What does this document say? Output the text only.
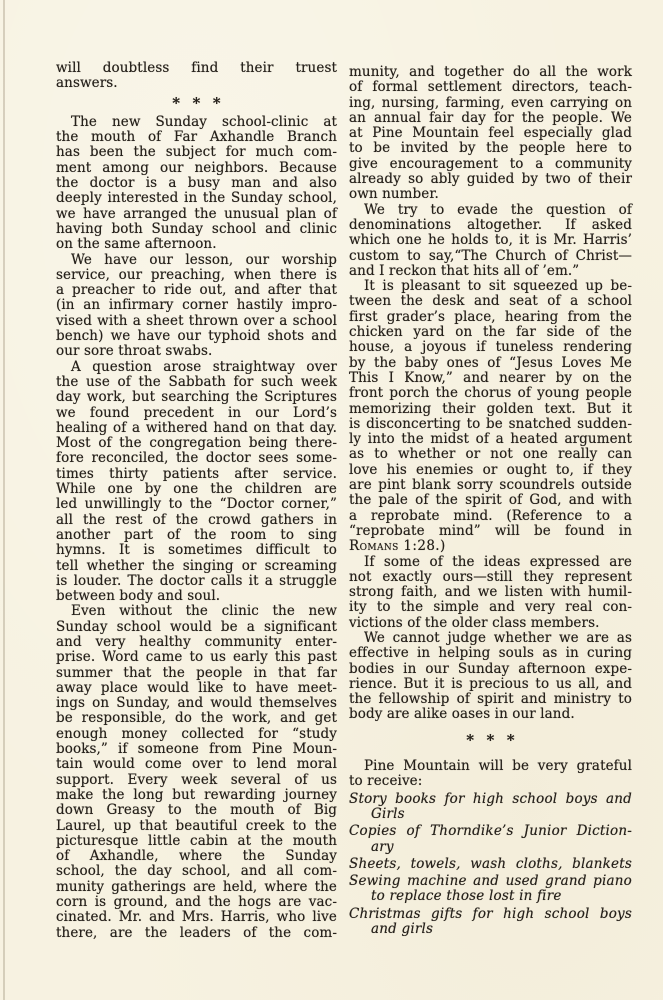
will doubtless find their truest
answers.
* * *
The new Sunday school-clinic at
the mouth of Far Axhandle Branch
has been the subject for much com-
ment among our neighbors. Because
the doctor is a busy man and also
deeply interested in the Sunday school,
we have arranged the unusual plan of
having both Sunday school and clinic
on the same afternoon.
We have our lesson, our worship
service, our preaching, when there is
a preacher to ride out, and after that
(in an infirmary corner hastily impro-
vised with a sheet thrown over a school
bench) we have our typhoid shots and
our sore throat swabs.
A question arose straightway over
the use of the Sabbath for such week
day work, but searching the Scriptures
we found precedent in our Lord’s
healing of a withered hand on that day.
Most of the congregation being there-
fore reconciled, the doctor sees some-
times thirty patients after service.
While one by one the children are
led unwillingly to the “Doctor corner,”
all the rest of the crowd gathers in
another part of the room to sing
hymns. It is sometimes difficult to
tell whether the singing or screaming
is louder. The doctor calls it a struggle
between body and soul.
Even without the clinic the new
Sunday school would be a significant
and very healthy community enter-
prise. Word came to us early this past
summer that the people in that far
away place would like to have meet-
ings on Sunday, and would themselves
be responsible, do the work, and get
enough money collected for “study
books,” if someone from Pine Moun-
tain would come over to lend moral
support. Every week several of us
make the long but rewarding journey
down Greasy to the mouth of Big
Laurel, up that beautiful creek to the
picturesque little cabin at the mouth
of Axhandle, where the Sunday
school, the day school, and all com-
munity gatherings are held, where the
corn is ground, and the hogs are vac-
cinated. Mr. and Mrs. Harris, who live
there, are the leaders of the com-
munity, and together do all the work
of formal settlement directors, teach-
ing, nursing, farming, even carrying on
an annual fair day for the people. We
at Pine Mountain feel especially glad
to be invited by the people here to
give encouragement to a community
already so ably guided by two of their
own number.
We try to evade the question of
denominations altogether.  If asked
which one he holds to, it is Mr. Harris’
custom to say,“The Church of Christ—
and I reckon that hits all of ’em.”
It is pleasant to sit squeezed up be-
tween the desk and seat of a school
first grader’s place, hearing from the
chicken yard on the far side of the
house, a joyous if tuneless rendering
by the baby ones of “Jesus Loves Me
This I Know,” and nearer by on the
front porch the chorus of young people
memorizing their golden text. But it
is disconcerting to be snatched sudden-
ly into the midst of a heated argument
as to whether or not one really can
love his enemies or ought to, if they
are pint blank sorry scoundrels outside
the pale of the spirit of God, and with
a reprobate mind. (Reference to a
“reprobate mind” will be found in
Romans 1:28.)
If some of the ideas expressed are
not exactly ours—still they represent
strong faith, and we listen with humil-
ity to the simple and very real con-
victions of the older class members.
We cannot judge whether we are as
effective in helping souls as in curing
bodies in our Sunday afternoon expe-
rience. But it is precious to us all, and
the fellowship of spirit and ministry to
body are alike oases in our land.
* * *
Pine Mountain will be very grateful
to receive:
Story books for high school boys and
Girls
Copies of Thorndike’s Junior Diction-
ary
Sheets, towels, wash cloths, blankets
Sewing machine and used grand piano
to replace those lost in fire
Christmas gifts for high school boys
and girls
